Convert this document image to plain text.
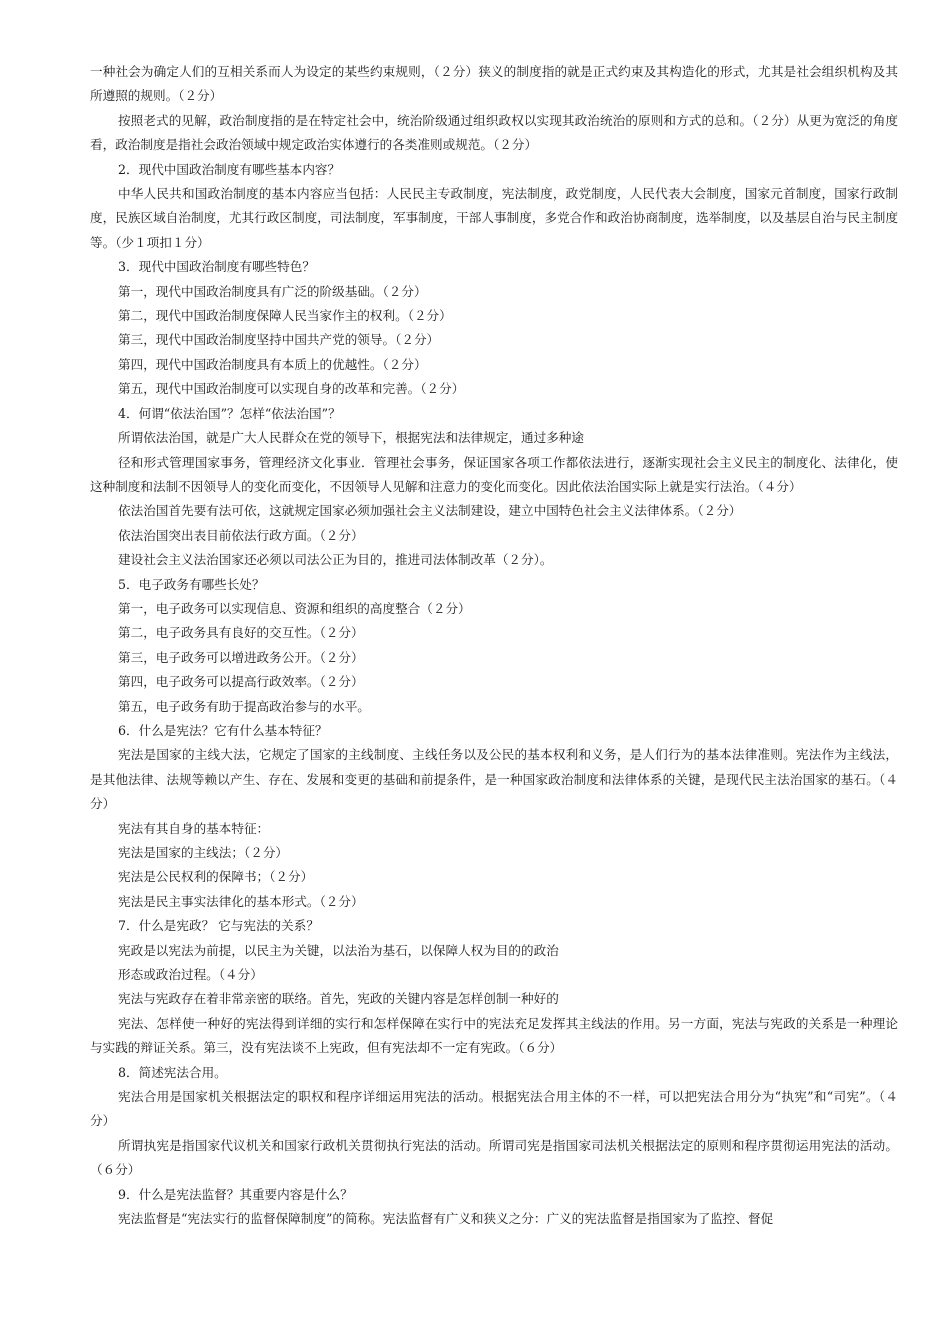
一种社会为确定人们的互相关系而人为设定的某些约束规则，（２分）狭义的制度指的就是正式约束及其构造化的形式，尤其是社会组织机构及其所遵照的规则。（２分）

按照老式的见解，政治制度指的是在特定社会中，统治阶级通过组织政权以实现其政治统治的原则和方式的总和。（２分）从更为宽泛的角度看，政治制度是指社会政治领域中规定政治实体遵行的各类准则或规范。（２分）

2．现代中国政治制度有哪些基本内容？

中华人民共和国政治制度的基本内容应当包括：人民民主专政制度，宪法制度，政党制度，人民代表大会制度，国家元首制度，国家行政制度，民族区域自治制度，尤其行政区制度，司法制度，军事制度，干部人事制度，多党合作和政治协商制度，选举制度，以及基层自治与民主制度等。（少１项扣１分）

3．现代中国政治制度有哪些特色？

第一，现代中国政治制度具有广泛的阶级基础。（２分）

第二，现代中国政治制度保障人民当家作主的权利。（２分）

第三，现代中国政治制度坚持中国共产党的领导。（２分）

第四，现代中国政治制度具有本质上的优越性。（２分）

第五，现代中国政治制度可以实现自身的改革和完善。（２分）

4．何谓“依法治国”？怎样“依法治国”？

所谓依法治国，就是广大人民群众在党的领导下，根据宪法和法律规定，通过多种途

径和形式管理国家事务，管理经济文化事业．管理社会事务，保证国家各项工作都依法进行，逐渐实现社会主义民主的制度化、法律化，使这种制度和法制不因领导人的变化而变化，不因领导人见解和注意力的变化而变化。因此依法治国实际上就是实行法治。（４分）

依法治国首先要有法可依，这就规定国家必须加强社会主义法制建设，建立中国特色社会主义法律体系。（２分）

依法治国突出表目前依法行政方面。（２分）

建设社会主义法治国家还必须以司法公正为目的，推进司法体制改革（２分）。

5．电子政务有哪些长处？

第一，电子政务可以实现信息、资源和组织的高度整合（２分）

第二，电子政务具有良好的交互性。（２分）

第三，电子政务可以增进政务公开。（２分）

第四，电子政务可以提高行政效率。（２分）

第五，电子政务有助于提高政治参与的水平。

6．什么是宪法？它有什么基本特征？

宪法是国家的主线大法，它规定了国家的主线制度、主线任务以及公民的基本权利和义务，是人们行为的基本法律准则。宪法作为主线法，是其他法律、法规等赖以产生、存在、发展和变更的基础和前提条件，是一种国家政治制度和法律体系的关键，是现代民主法治国家的基石。（４分）

宪法有其自身的基本特征：

宪法是国家的主线法；（２分）

宪法是公民权利的保障书；（２分）

宪法是民主事实法律化的基本形式。（２分）

7．什么是宪政？ 它与宪法的关系？

宪政是以宪法为前提，以民主为关键，以法治为基石，以保障人权为目的的政治

形态或政治过程。（４分）

宪法与宪政存在着非常亲密的联络。首先，宪政的关键内容是怎样创制一种好的

宪法、怎样使一种好的宪法得到详细的实行和怎样保障在实行中的宪法充足发挥其主线法的作用。另一方面，宪法与宪政的关系是一种理论与实践的辩证关系。第三，没有宪法谈不上宪政，但有宪法却不一定有宪政。（６分）

8．简述宪法合用。

宪法合用是国家机关根据法定的职权和程序详细运用宪法的活动。根据宪法合用主体的不一样，可以把宪法合用分为“执宪”和“司宪”。（４分）

所谓执宪是指国家代议机关和国家行政机关贯彻执行宪法的活动。所谓司宪是指国家司法机关根据法定的原则和程序贯彻运用宪法的活动。（６分）

9．什么是宪法监督？其重要内容是什么？

宪法监督是“宪法实行的监督保障制度”的简称。宪法监督有广义和狭义之分：广义的宪法监督是指国家为了监控、督促
